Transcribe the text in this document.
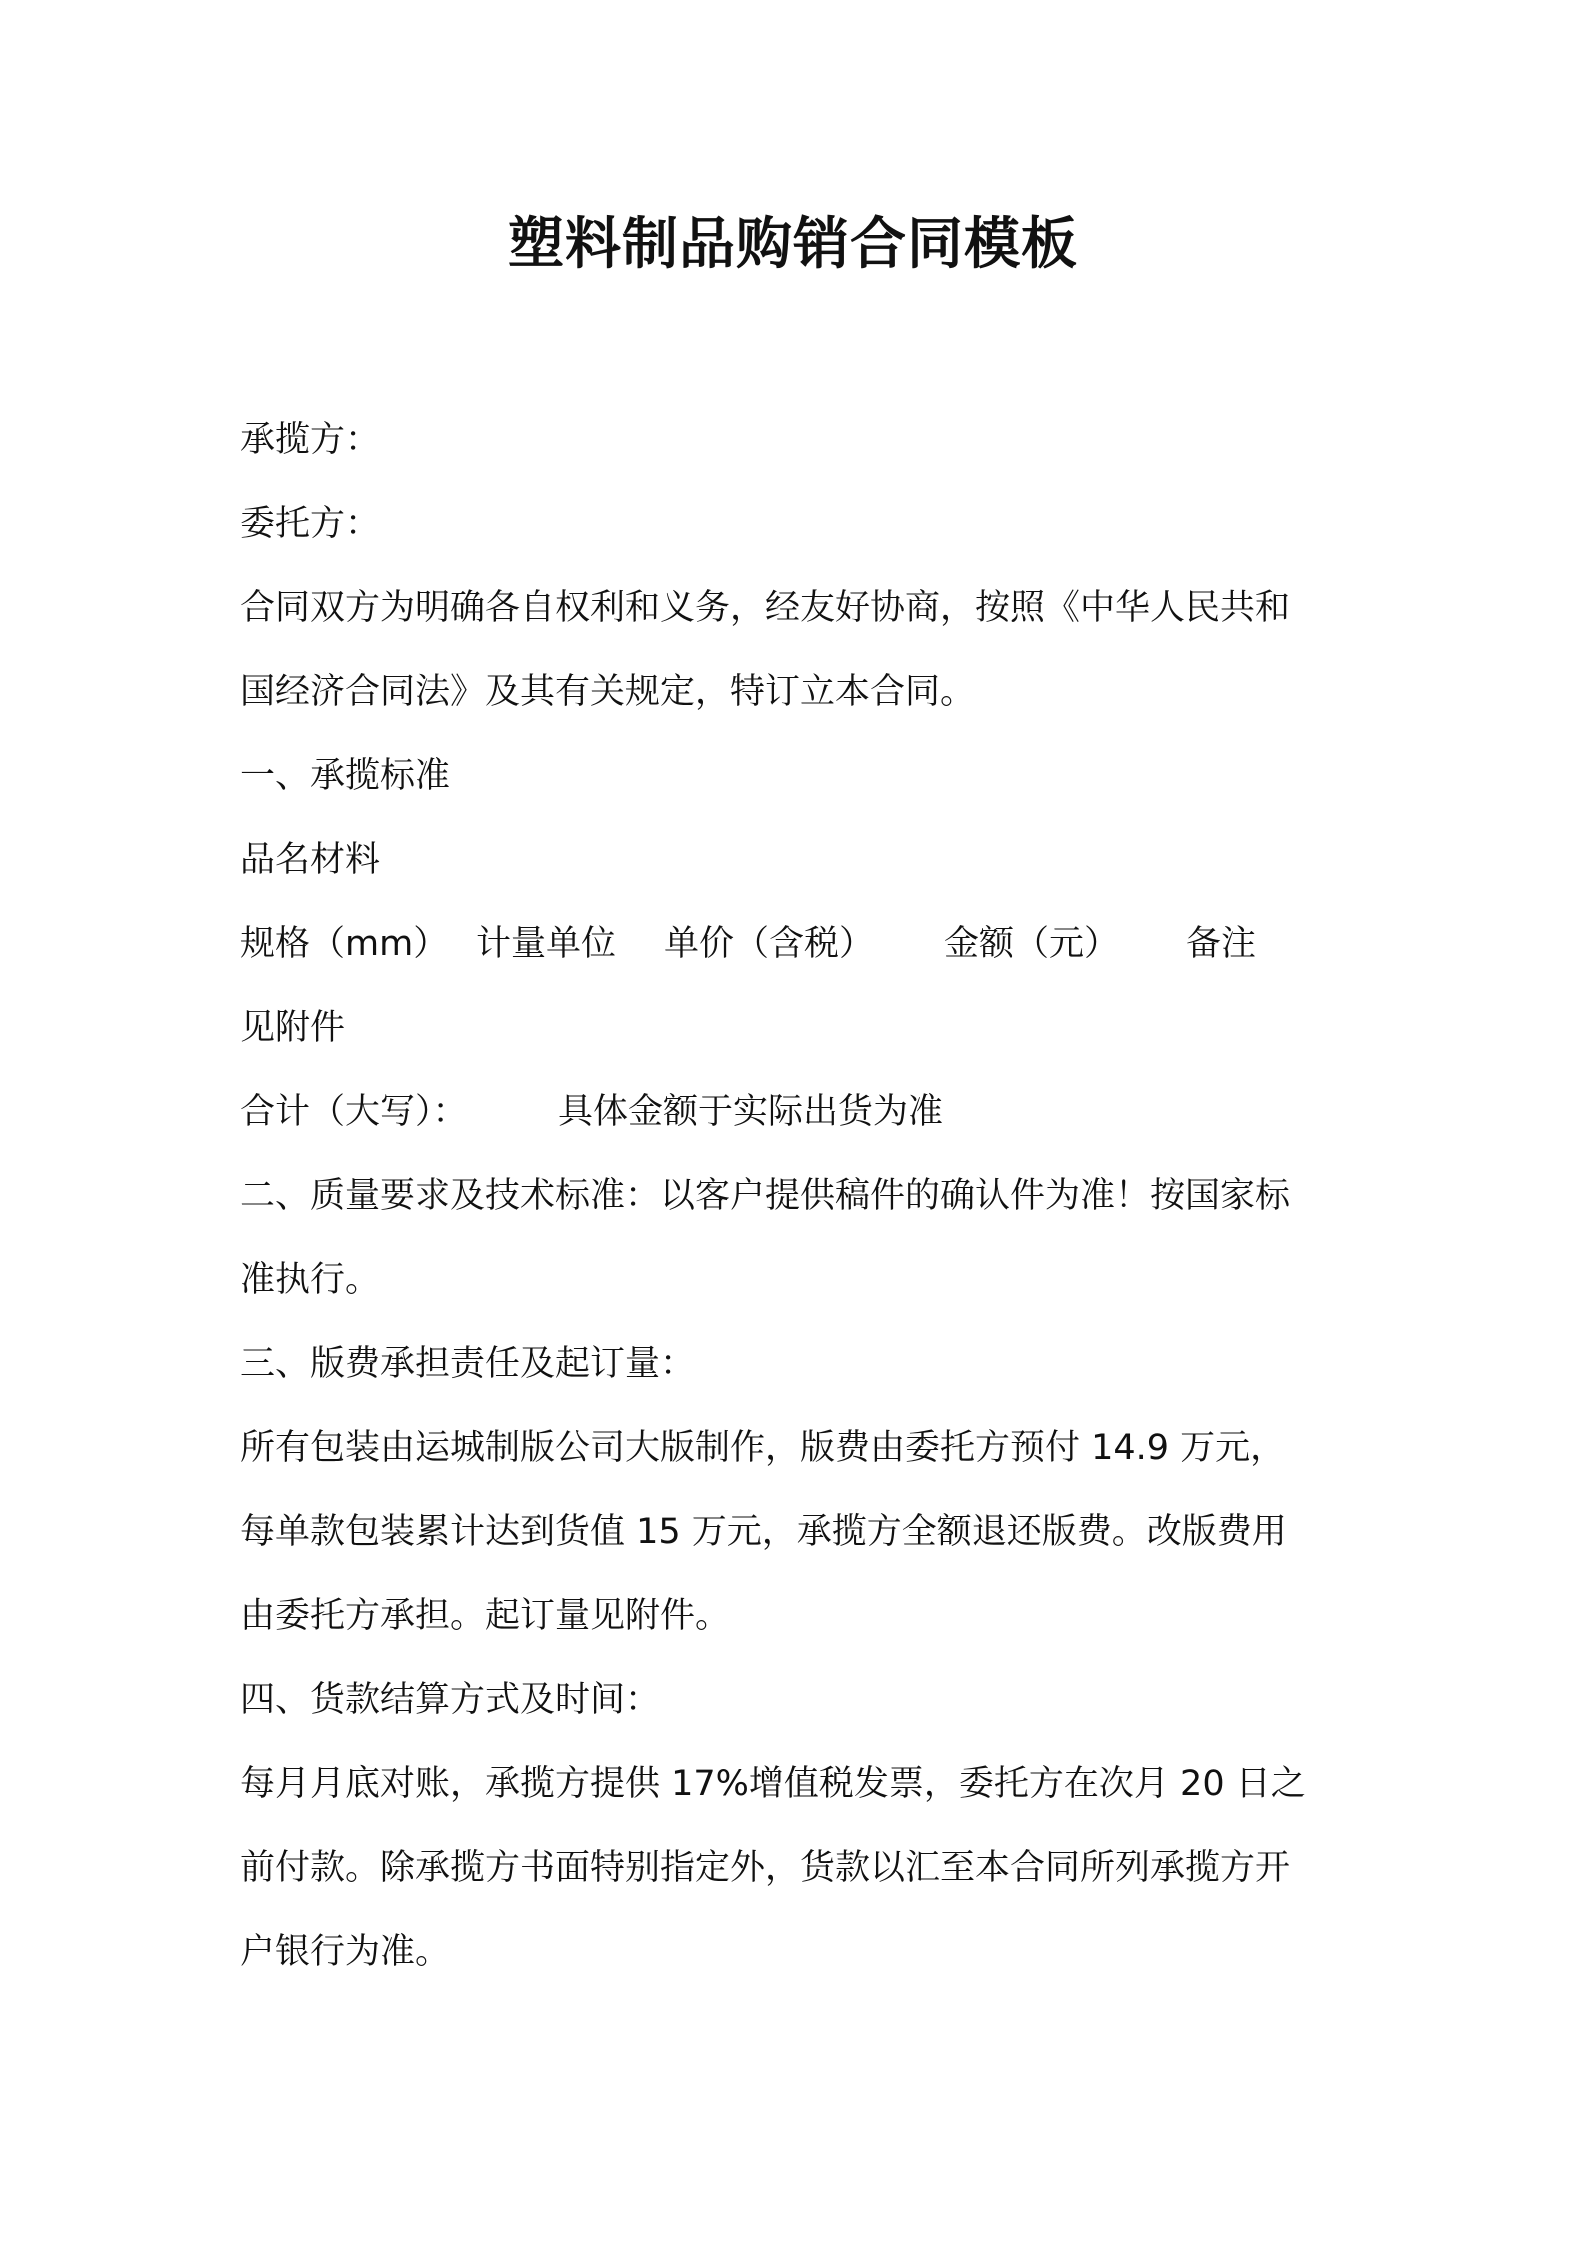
塑料制品购销合同模板
承揽方：
委托方：
合同双方为明确各自权利和义务，经友好协商，按照《中华人民共和
国经济合同法》及其有关规定，特订立本合同。
一、承揽标准
品名材料
规格（mm） 计量单位	单价（含税）	金额（元）	备注
见附件
合计（大写）：	具体金额于实际出货为准
二、质量要求及技术标准：以客户提供稿件的确认件为准！按国家标
准执行。
三、版费承担责任及起订量：
所有包装由运城制版公司大版制作，版费由委托方预付 14.9 万元，
每单款包装累计达到货值 15 万元，承揽方全额退还版费。改版费用
由委托方承担。起订量见附件。
四、货款结算方式及时间：
每月月底对账，承揽方提供 17%增值税发票，委托方在次月 20 日之
前付款。除承揽方书面特别指定外，货款以汇至本合同所列承揽方开
户银行为准。
